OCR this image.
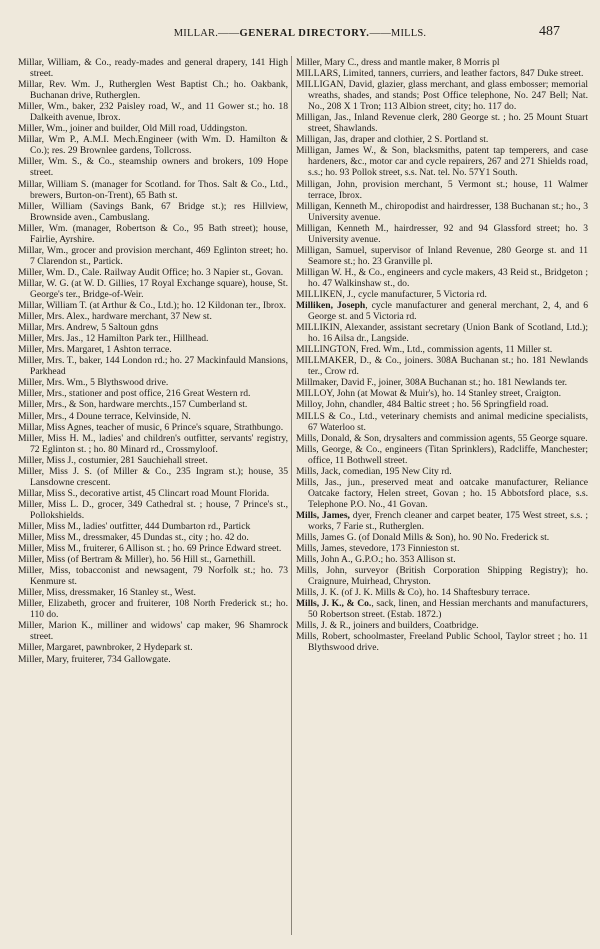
MILLAR.——GENERAL DIRECTORY.——MILLS.	487

Millar, William, & Co., ready-mades and general drapery, 141 High street.

Millar, Rev. Wm. J., Rutherglen West Baptist Ch.; ho. Oakbank, Buchanan drive, Rutherglen.

Miller, Wm., baker, 232 Paisley road, W., and 11 Gower st.; ho. 18 Dalkeith avenue, Ibrox.

Miller, Wm., joiner and builder, Old Mill road, Uddingston.

Millar, Wm P., A.M.I. Mech.Engineer (with Wm. D. Hamilton & Co.); res. 29 Brownlee gardens, Tollcross.

Miller, Wm. S., & Co., steamship owners and brokers, 109 Hope street.

Millar, William S. (manager for Scotland. for Thos. Salt & Co., Ltd., brewers, Burton-on-Trent), 65 Bath st.

Miller, William (Savings Bank, 67 Bridge st.); res Hillview, Brownside aven., Cambuslang.

Miller, Wm. (manager, Robertson & Co., 95 Bath street); house, Fairlie, Ayrshire.

Millar, Wm., grocer and provision merchant, 469 Eglinton street; ho. 7 Clarendon st., Partick.

Miller, Wm. D., Cale. Railway Audit Office; ho. 3 Napier st., Govan.

Millar, W. G. (at W. D. Gillies, 17 Royal Exchange square), house, St. George's ter., Bridge-of-Weir.

Millar, William T. (at Arthur & Co., Ltd.); ho. 12 Kildonan ter., Ibrox.

Miller, Mrs. Alex., hardware merchant, 37 New st.

Millar, Mrs. Andrew, 5 Saltoun gdns

Miller, Mrs. Jas., 12 Hamilton Park ter., Hillhead.

Miller, Mrs. Margaret, 1 Ashton terrace.

Miller, Mrs. T., baker, 144 London rd.; ho. 27 Mackinfauld Mansions, Parkhead

Miller, Mrs. Wm., 5 Blythswood drive.

Miller, Mrs., stationer and post office, 216 Great Western rd.

Miller, Mrs., & Son, hardware merchts.,157 Cumberland st.

Miller, Mrs., 4 Doune terrace, Kelvinside, N.

Millar, Miss Agnes, teacher of music, 6 Prince's square, Strathbungo.

Miller, Miss H. M., ladies' and children's outfitter, servants' registry, 72 Eglinton st. ; ho. 80 Minard rd., Crossmyloof.

Miller, Miss J., costumier, 281 Sauchiehall street.

Miller, Miss J. S. (of Miller & Co., 235 Ingram st.); house, 35 Lansdowne crescent.

Millar, Miss S., decorative artist, 45 Clincart road Mount Florida.

Miller, Miss L. D., grocer, 349 Cathedral st. ; house, 7 Prince's st., Pollokshields.

Miller, Miss M., ladies' outfitter, 444 Dumbarton rd., Partick

Miller, Miss M., dressmaker, 45 Dundas st., city ; ho. 42 do.

Miller, Miss M., fruiterer, 6 Allison st. ; ho. 69 Prince Edward street.

Miller, Miss (of Bertram & Miller), ho. 56 Hill st., Garnethill.

Miller, Miss, tobacconist and newsagent, 79 Norfolk st.; ho. 73 Kenmure st.

Miller, Miss, dressmaker, 16 Stanley st., West.

Miller, Elizabeth, grocer and fruiterer, 108 North Frederick st.; ho. 110 do.

Miller, Marion K., milliner and widows' cap maker, 96 Shamrock street.

Miller, Margaret, pawnbroker, 2 Hydepark st.

Miller, Mary, fruiterer, 734 Gallowgate.

Miller, Mary C., dress and mantle maker, 8 Morris pl

MILLARS, Limited, tanners, curriers, and leather factors, 847 Duke street.

MILLIGAN, David, glazier, glass merchant, and glass embosser; memorial wreaths, shades, and stands; Post Office telephone, No. 247 Bell; Nat. No., 208 X 1 Tron; 113 Albion street, city; ho. 117 do.

Milligan, Jas., Inland Revenue clerk, 280 George st. ; ho. 25 Mount Stuart street, Shawlands.

Milligan, Jas, draper and clothier, 2 S. Portland st.

Milligan, James W., & Son, blacksmiths, patent tap temperers, and case hardeners, &c., motor car and cycle repairers, 267 and 271 Shields road, s.s.; ho. 93 Pollok street, s.s. Nat. tel. No. 57Y1 South.

Milligan, John, provision merchant, 5 Vermont st.; house, 11 Walmer terrace, Ibrox.

Milligan, Kenneth M., chiropodist and hairdresser, 138 Buchanan st.; ho., 3 University avenue.

Milligan, Kenneth M., hairdresser, 92 and 94 Glassford street; ho. 3 University avenue.

Milligan, Samuel, supervisor of Inland Revenue, 280 George st. and 11 Seamore st.; ho. 23 Granville pl.

Milligan W. H., & Co., engineers and cycle makers, 43 Reid st., Bridgeton ; ho. 47 Walkinshaw st., do.

MILLIKEN, J., cycle manufacturer, 5 Victoria rd.

Milliken, Joseph, cycle manufacturer and general merchant, 2, 4, and 6 George st. and 5 Victoria rd.

MILLIKIN, Alexander, assistant secretary (Union Bank of Scotland, Ltd.); ho. 16 Ailsa dr., Langside.

MILLINGTON, Fred. Wm., Ltd., commission agents, 11 Miller st.

MILLMAKER, D., & Co., joiners. 308A Buchanan st.; ho. 181 Newlands ter., Crow rd.

Millmaker, David F., joiner, 308A Buchanan st.; ho. 181 Newlands ter.

MILLOY, John (at Mowat & Muir's), ho. 14 Stanley street, Craigton.

Milloy, John, chandler, 484 Baltic street ; ho. 56 Springfield road.

MILLS & Co., Ltd., veterinary chemists and animal medicine specialists, 67 Waterloo st.

Mills, Donald, & Son, drysalters and commission agents, 55 George square.

Mills, George, & Co., engineers (Titan Sprinklers), Radcliffe, Manchester; office, 11 Bothwell street.

Mills, Jack, comedian, 195 New City rd.

Mills, Jas., jun., preserved meat and oatcake manufacturer, Reliance Oatcake factory, Helen street, Govan ; ho. 15 Abbotsford place, s.s. Telephone P.O. No., 41 Govan.

Mills, James, dyer, French cleaner and carpet beater, 175 West street, s.s. ; works, 7 Farie st., Rutherglen.

Mills, James G. (of Donald Mills & Son), ho. 90 No. Frederick st.

Mills, James, stevedore, 173 Finnieston st.

Mills, John A., G.P.O.; ho. 353 Allison st.

Mills, John, surveyor (British Corporation Shipping Registry); ho. Craignure, Muirhead, Chryston.

Mills, J. K. (of J. K. Mills & Co), ho. 14 Shaftesbury terrace.

Mills, J. K., & Co., sack, linen, and Hessian merchants and manufacturers, 50 Robertson street. (Estab. 1872.)

Mills, J. & R., joiners and builders, Coatbridge.

Mills, Robert, schoolmaster, Freeland Public School, Taylor street ; ho. 11 Blythswood drive.
